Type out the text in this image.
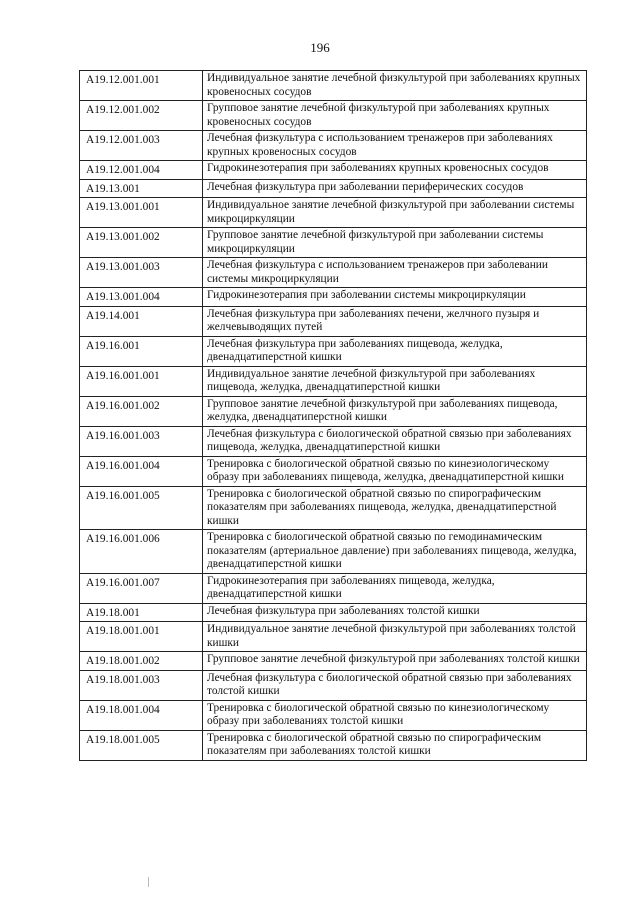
196
A19.12.001.001	Индивидуальное занятие лечебной физкультурой при заболеваниях крупных кровеносных сосудов
A19.12.001.002	Групповое занятие лечебной физкультурой при заболеваниях крупных кровеносных сосудов
A19.12.001.003	Лечебная физкультура с использованием тренажеров при заболеваниях крупных кровеносных сосудов
A19.12.001.004	Гидрокинезотерапия при заболеваниях крупных кровеносных сосудов
A19.13.001	Лечебная физкультура при заболевании периферических сосудов
A19.13.001.001	Индивидуальное занятие лечебной физкультурой при заболевании системы микроциркуляции
A19.13.001.002	Групповое занятие лечебной физкультурой при заболевании системы микроциркуляции
A19.13.001.003	Лечебная физкультура с использованием тренажеров при заболевании системы микроциркуляции
A19.13.001.004	Гидрокинезотерапия при заболевании системы микроциркуляции
A19.14.001	Лечебная физкультура при заболеваниях печени, желчного пузыря и желчевыводящих путей
A19.16.001	Лечебная физкультура при заболеваниях пищевода, желудка, двенадцатиперстной кишки
A19.16.001.001	Индивидуальное занятие лечебной физкультурой при заболеваниях пищевода, желудка, двенадцатиперстной кишки
A19.16.001.002	Групповое занятие лечебной физкультурой при заболеваниях пищевода, желудка, двенадцатиперстной кишки
A19.16.001.003	Лечебная физкультура с биологической обратной связью при заболеваниях пищевода, желудка, двенадцатиперстной кишки
A19.16.001.004	Тренировка с биологической обратной связью по кинезиологическому образу при заболеваниях пищевода, желудка, двенадцатиперстной кишки
A19.16.001.005	Тренировка с биологической обратной связью по спирографическим показателям при заболеваниях пищевода, желудка, двенадцатиперстной кишки
A19.16.001.006	Тренировка с биологической обратной связью по гемодинамическим показателям (артериальное давление) при заболеваниях пищевода, желудка, двенадцатиперстной кишки
A19.16.001.007	Гидрокинезотерапия при заболеваниях пищевода, желудка, двенадцатиперстной кишки
A19.18.001	Лечебная физкультура при заболеваниях толстой кишки
A19.18.001.001	Индивидуальное занятие лечебной физкультурой при заболеваниях толстой кишки
A19.18.001.002	Групповое занятие лечебной физкультурой при заболеваниях толстой кишки
A19.18.001.003	Лечебная физкультура с биологической обратной связью при заболеваниях толстой кишки
A19.18.001.004	Тренировка с биологической обратной связью по кинезиологическому образу при заболеваниях толстой кишки
A19.18.001.005	Тренировка с биологической обратной связью по спирографическим показателям при заболеваниях толстой кишки
